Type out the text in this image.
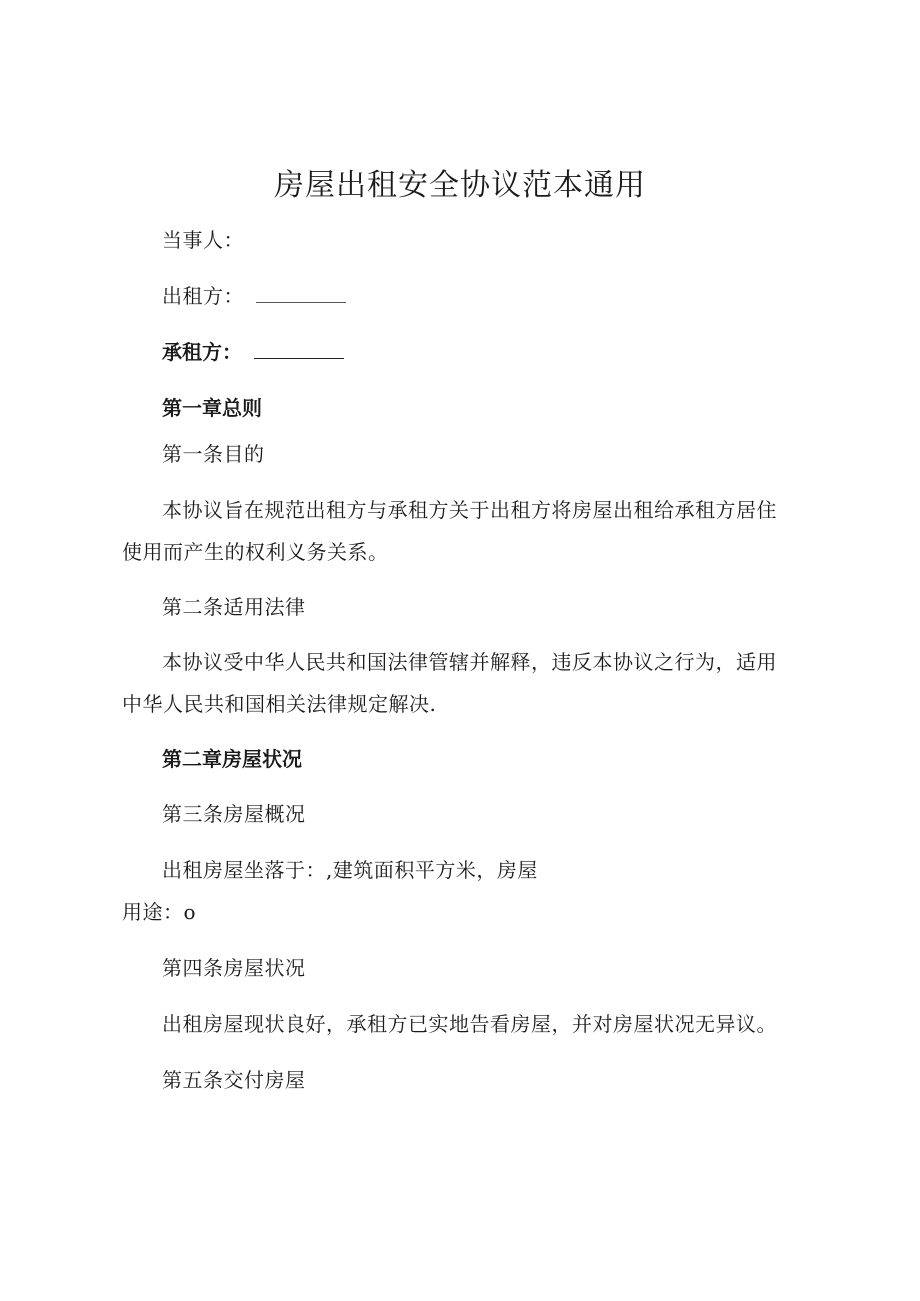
房屋出租安全协议范本通用
当事人：
出租方：
承租方：
第一章总则
第一条目的
本协议旨在规范出租方与承租方关于出租方将房屋出租给承租方居住
使用而产生的权利义务关系。
第二条适用法律
本协议受中华人民共和国法律管辖并解释，违反本协议之行为，适用
中华人民共和国相关法律规定解决.
第二章房屋状况
第三条房屋概况
出租房屋坐落于：,建筑面积平方米，房屋
用途：o
第四条房屋状况
出租房屋现状良好，承租方已实地告看房屋，并对房屋状况无异议。
第五条交付房屋
